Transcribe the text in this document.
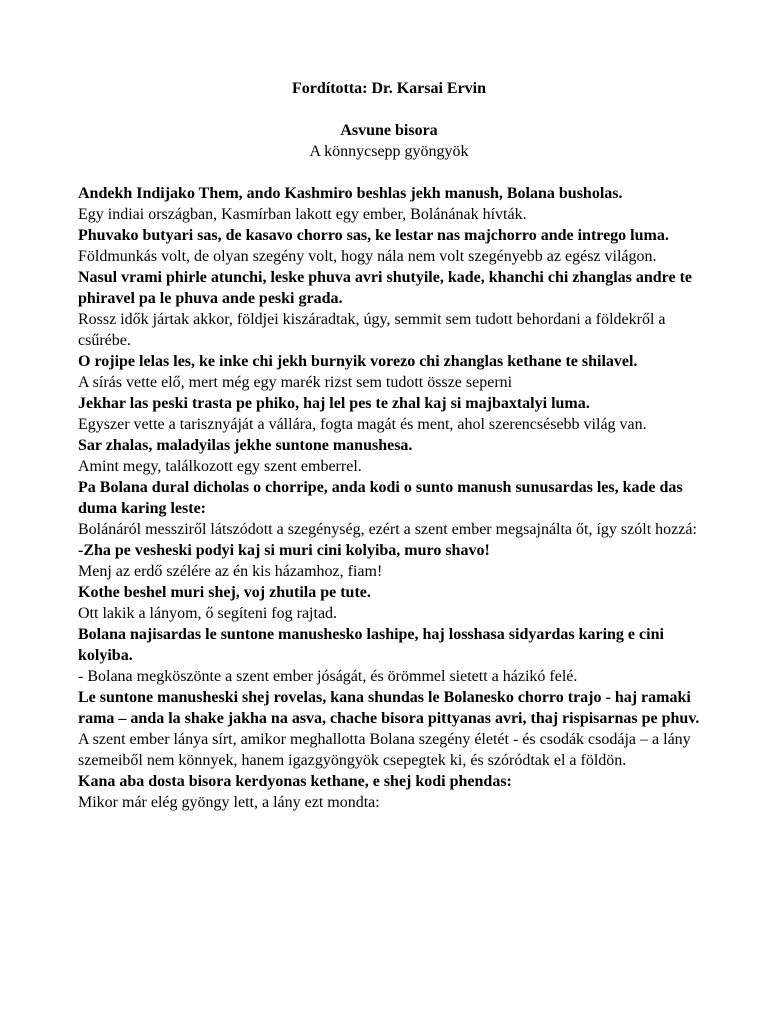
Fordította: Dr. Karsai Ervin

Asvune bisora
A könnycsepp gyöngyök

Andekh Indijako Them, ando Kashmiro beshlas jekh manush, Bolana busholas.

Egy indiai országban, Kasmírban lakott egy ember, Bolánának hívták.

Phuvako butyari sas, de kasavo chorro sas, ke lestar nas majchorro ande intrego luma.

Földmunkás volt, de olyan szegény volt, hogy nála nem volt szegényebb az egész világon.

Nasul vrami phirle atunchi, leske phuva avri shutyile, kade, khanchi chi zhanglas andre te phiravel pa le phuva ande peski grada.

Rossz idők jártak akkor, földjei kiszáradtak, úgy, semmit sem tudott behordani a földekről a csűrébe.

O rojipe lelas les, ke inke chi jekh burnyik vorezo chi zhanglas kethane te shilavel.

A sírás vette elő, mert még egy marék rizst sem tudott össze seperni

Jekhar las peski trasta pe phiko, haj lel pes te zhal kaj si majbaxtalyi luma.

Egyszer vette a tarisznyáját a vállára, fogta magát és ment, ahol szerencsésebb világ van.

Sar zhalas, maladyilas jekhe suntone manushesa.

Amint megy, találkozott egy szent emberrel.

Pa Bolana dural dicholas o chorripe, anda kodi o sunto manush sunusardas les, kade das duma karing leste:

Bolánáról messziről látszódott a szegénység, ezért a szent ember megsajnálta őt, így szólt hozzá:

-Zha pe vesheski podyi kaj si muri cini kolyiba, muro shavo!

Menj az erdő szélére az én kis házamhoz, fiam!

Kothe beshel muri shej, voj zhutila pe tute.

Ott lakik a lányom, ő segíteni fog rajtad.

Bolana najisardas le suntone manusheskо lashipe, haj losshasa sidyardas karing e cini kolyiba.

- Bolana megköszönte a szent ember jóságát, és örömmel sietett a házikó felé.

Le suntone manusheski shej rovelas, kana shundas le Bolanesko chorro trajo - haj ramaki rama – anda la shake jakha na asva, chache bisora pittyanas avri, thaj rispisarnas pe phuv.

A szent ember lánya sírt, amikor meghallotta Bolana szegény életét - és csodák csodája – a lány szemeiből nem könnyek, hanem igazgyöngyök csepegtek ki, és szóródtak el a földön.

Kana aba dosta bisora kerdyonas kethane, e shej kodi phendas:

Mikor már elég gyöngy lett, a lány ezt mondta:
